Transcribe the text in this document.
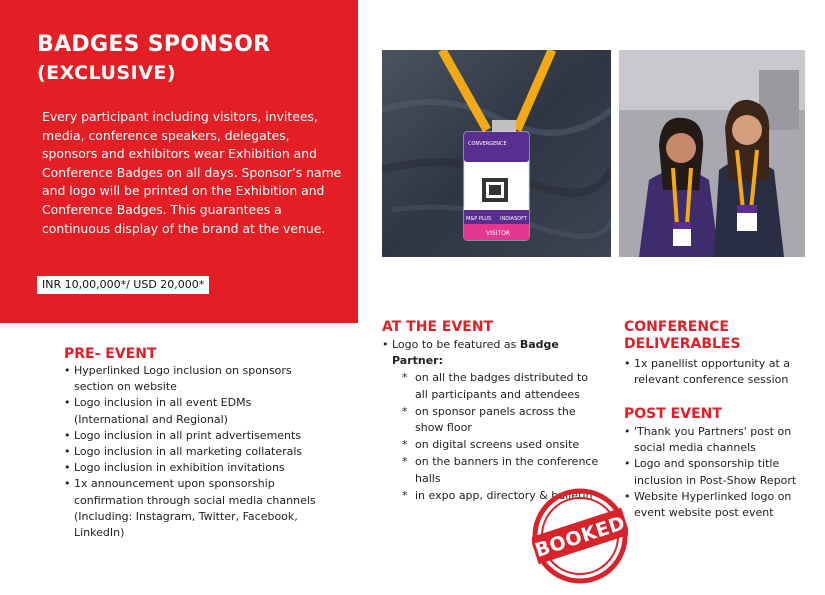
BADGES SPONSOR
(EXCLUSIVE)

Every participant including visitors, invitees, media, conference speakers, delegates, sponsors and exhibitors wear Exhibition and Conference Badges on all days. Sponsor’s name and logo will be printed on the Exhibition and Conference Badges. This guarantees a continuous display of the brand at the venue.

INR 10,00,000*/ USD 20,000*
CONVERGENCE
M&P PLUS INDIASOFT
VISITOR
PRE- EVENT
• Hyperlinked Logo inclusion on sponsors section on website
• Logo inclusion in all event EDMs (International and Regional)
• Logo inclusion in all print advertisements
• Logo inclusion in all marketing collaterals
• Logo inclusion in exhibition invitations
• 1x announcement upon sponsorship confirmation through social media channels (Including: Instagram, Twitter, Facebook, LinkedIn)
AT THE EVENT
• Logo to be featured as Badge Partner:
* on all the badges distributed to all participants and attendees
* on sponsor panels across the show floor
* on digital screens used onsite
* on the banners in the conference halls
* in expo app, directory & bulletin
CONFERENCE
DELIVERABLES
• 1x panellist opportunity at a relevant conference session
POST EVENT
• 'Thank you Partners' post on social media channels
• Logo and sponsorship title inclusion in Post-Show Report
• Website Hyperlinked logo on event website post event
BOOKED
